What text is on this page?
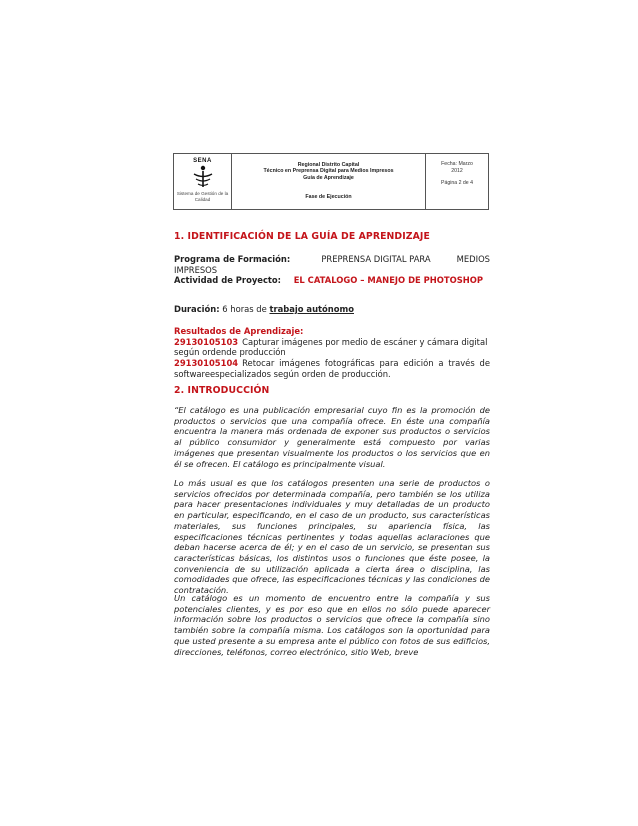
SENA
Sistema de Gestión de la Calidad
Regional Distrito Capital
Técnico en Preprensa Digital para Medios Impresos
Guía de Aprendizaje
Fase de Ejecución
Fecha: Marzo
2012
Página 2 de 4
1. IDENTIFICACIÓN DE LA GUÍA DE APRENDIZAJE
Programa de Formación:	PREPRENSA DIGITAL PARA	MEDIOS
IMPRESOS
Actividad de Proyecto: EL CATALOGO – MANEJO DE PHOTOSHOP
Duración: 6 horas de trabajo autónomo
Resultados de Aprendizaje:
29130105103 Capturar imágenes por medio de escáner y cámara digital
según ordende producción
29130105104 Retocar imágenes fotográficas para edición a través de
softwareespecializados según orden de producción.
2. INTRODUCCIÓN
“El catálogo es una publicación empresarial cuyo fin es la promoción de productos o servicios que una compañía ofrece. En éste una compañía encuentra la manera más ordenada de exponer sus productos o servicios al público consumidor y generalmente está compuesto por varias imágenes que presentan visualmente los productos o los servicios que en él se ofrecen. El catálogo es principalmente visual.
Lo más usual es que los catálogos presenten una serie de productos o servicios ofrecidos por determinada compañía, pero también se los utiliza para hacer presentaciones individuales y muy detalladas de un producto en particular, especificando, en el caso de un producto, sus características materiales, sus funciones principales, su apariencia física, las especificaciones técnicas pertinentes y todas aquellas aclaraciones que deban hacerse acerca de él; y en el caso de un servicio, se presentan sus características básicas, los distintos usos o funciones que éste posee, la conveniencia de su utilización aplicada a cierta área o disciplina, las comodidades que ofrece, las especificaciones técnicas y las condiciones de contratación.
Un catálogo es un momento de encuentro entre la compañía y sus potenciales clientes, y es por eso que en ellos no sólo puede aparecer información sobre los productos o servicios que ofrece la compañía sino también sobre la compañía misma. Los catálogos son la oportunidad para que usted presente a su empresa ante el público con fotos de sus edificios, direcciones, teléfonos, correo electrónico, sitio Web, breve
